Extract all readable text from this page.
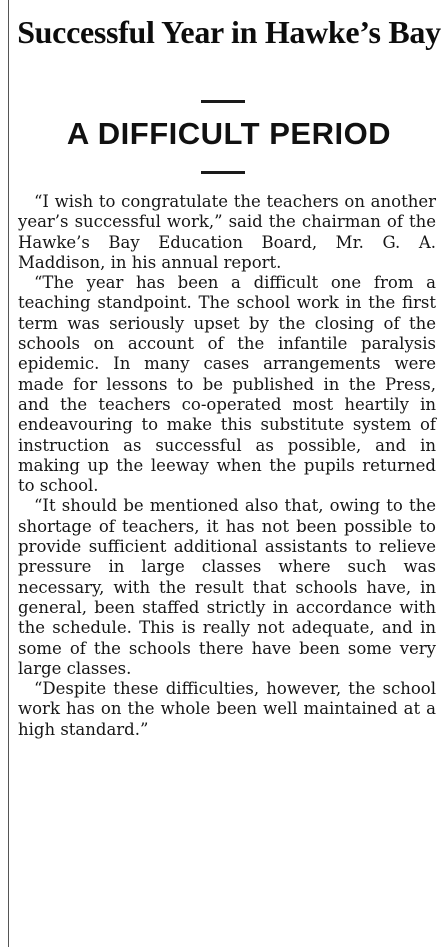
Successful Year in Hawke’s Bay
A DIFFICULT PERIOD

“I wish to congratulate the teachers on another year’s successful work,” said the chairman of the Hawke’s Bay Education Board, Mr. G. A. Maddison, in his annual report.

“The year has been a difficult one from a teaching standpoint. The school work in the first term was seriously upset by the closing of the schools on account of the infantile paralysis epidemic. In many cases arrangements were made for lessons to be published in the Press, and the teachers co-operated most heartily in endeavouring to make this substitute system of instruction as successful as possible, and in making up the leeway when the pupils returned to school.

“It should be mentioned also that, owing to the shortage of teachers, it has not been possible to provide sufficient additional assistants to relieve pressure in large classes where such was necessary, with the result that schools have, in general, been staffed strictly in accordance with the schedule. This is really not adequate, and in some of the schools there have been some very large classes.

“Despite these difficulties, however, the school work has on the whole been well maintained at a high standard.”
